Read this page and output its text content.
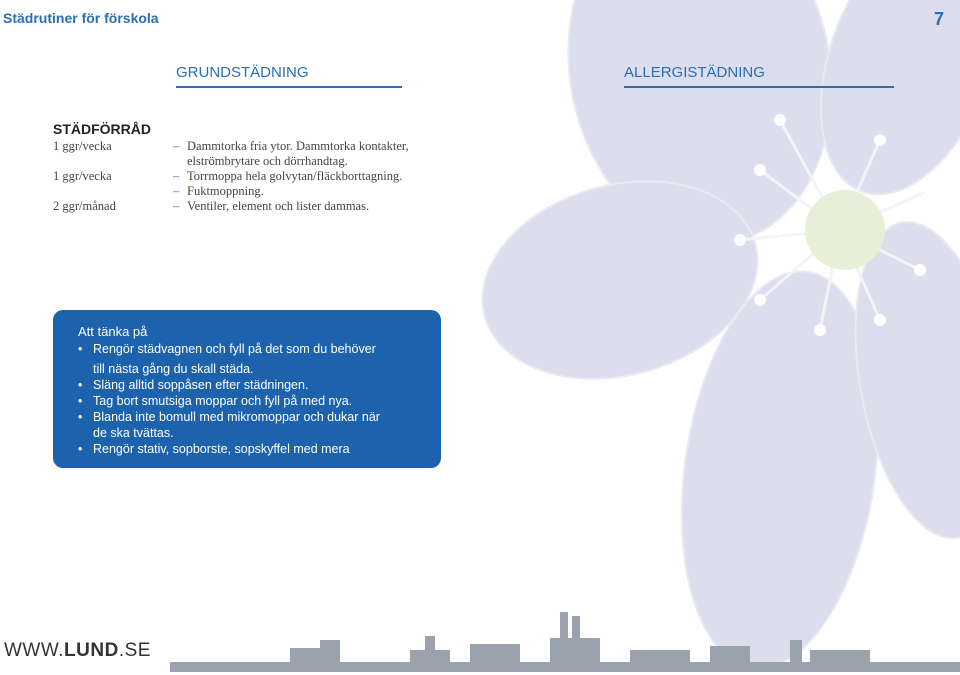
Städrutiner för förskola	7
GRUNDSTÄDNING	ALLERGISTÄDNING
STÄDFÖRRÅD
1 ggr/vecka	– Dammtorka fria ytor. Dammtorka kontakter,
elströmbrytare och dörrhandtag.
1 ggr/vecka	– Torrmoppa hela golvytan/fläckborttagning.
– Fuktmoppning.
2 ggr/månad	– Ventiler, element och lister dammas.
Att tänka på
• Rengör städvagnen och fyll på det som du behöver
till nästa gång du skall städa.
• Släng alltid soppåsen efter städningen.
• Tag bort smutsiga moppar och fyll på med nya.
• Blanda inte bomull med mikromoppar och dukar när
de ska tvättas.
• Rengör stativ, sopborste, sopskyffel med mera
WWW.LUND.SE
